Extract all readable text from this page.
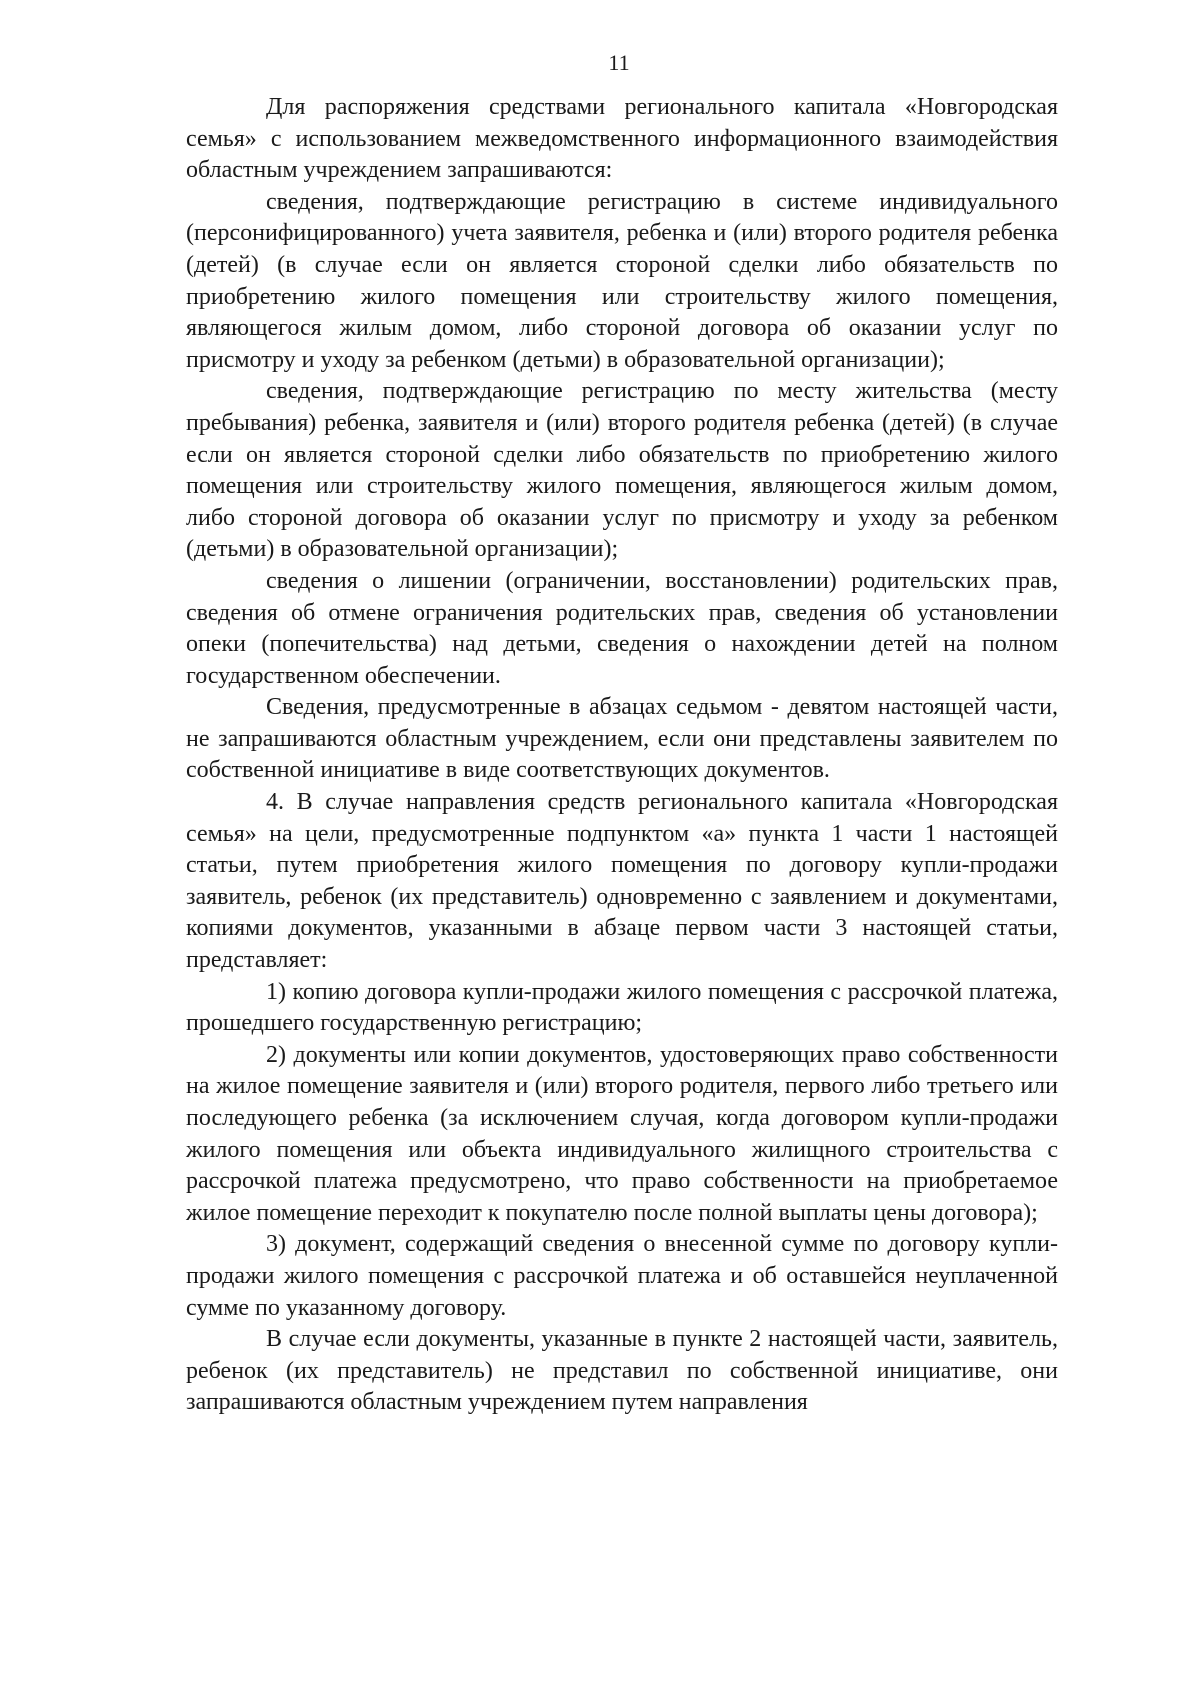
11

Для распоряжения средствами регионального капитала «Новгородская семья» с использованием межведомственного информационного взаимодействия областным учреждением запрашиваются:

сведения, подтверждающие регистрацию в системе индивидуального (персонифицированного) учета заявителя, ребенка и (или) второго родителя ребенка (детей) (в случае если он является стороной сделки либо обязательств по приобретению жилого помещения или строительству жилого помещения, являющегося жилым домом, либо стороной договора об оказании услуг по присмотру и уходу за ребенком (детьми) в образовательной организации);

сведения, подтверждающие регистрацию по месту жительства (месту пребывания) ребенка, заявителя и (или) второго родителя ребенка (детей) (в случае если он является стороной сделки либо обязательств по приобретению жилого помещения или строительству жилого помещения, являющегося жилым домом, либо стороной договора об оказании услуг по присмотру и уходу за ребенком (детьми) в образовательной организации);

сведения о лишении (ограничении, восстановлении) родительских прав, сведения об отмене ограничения родительских прав, сведения об установлении опеки (попечительства) над детьми, сведения о нахождении детей на полном государственном обеспечении.

Сведения, предусмотренные в абзацах седьмом - девятом настоящей части, не запрашиваются областным учреждением, если они представлены заявителем по собственной инициативе в виде соответствующих документов.

4. В случае направления средств регионального капитала «Новгородская семья» на цели, предусмотренные подпунктом «а» пункта 1 части 1 настоящей статьи, путем приобретения жилого помещения по договору купли-продажи заявитель, ребенок (их представитель) одновременно с заявлением и документами, копиями документов, указанными в абзаце первом части 3 настоящей статьи, представляет:

1) копию договора купли-продажи жилого помещения с рассрочкой платежа, прошедшего государственную регистрацию;

2) документы или копии документов, удостоверяющих право собственности на жилое помещение заявителя и (или) второго родителя, первого либо третьего или последующего ребенка (за исключением случая, когда договором купли-продажи жилого помещения или объекта индивидуального жилищного строительства с рассрочкой платежа предусмотрено, что право собственности на приобретаемое жилое помещение переходит к покупателю после полной выплаты цены договора);

3) документ, содержащий сведения о внесенной сумме по договору купли-продажи жилого помещения с рассрочкой платежа и об оставшейся неуплаченной сумме по указанному договору.

В случае если документы, указанные в пункте 2 настоящей части, заявитель, ребенок (их представитель) не представил по собственной инициативе, они запрашиваются областным учреждением путем направления
